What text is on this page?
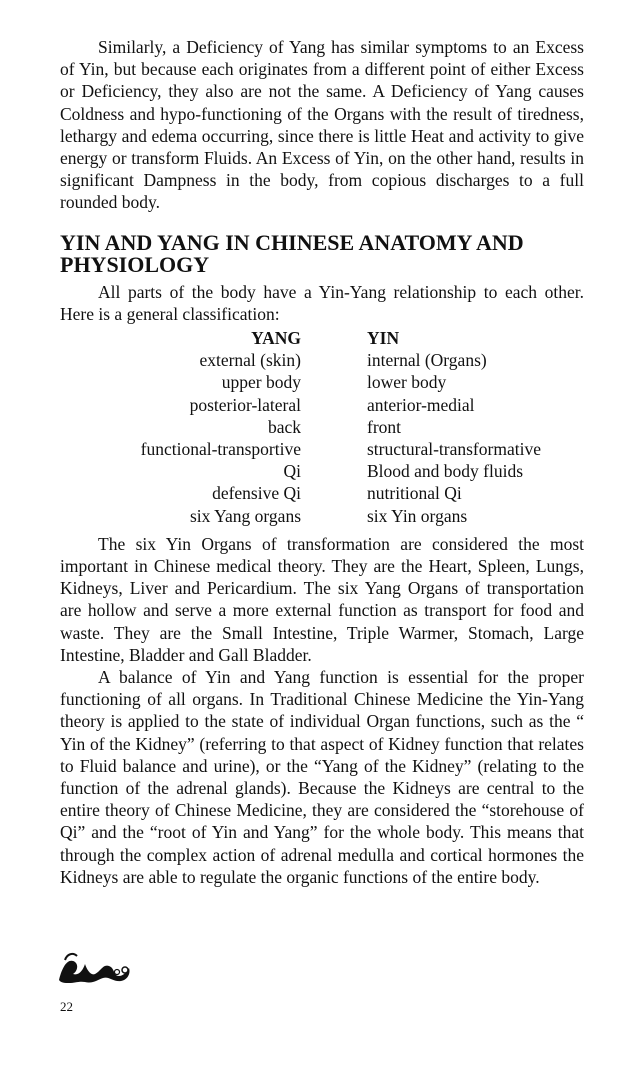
Similarly, a Deficiency of Yang has similar symptoms to an Excess of Yin, but because each originates from a different point of either Excess or Deficiency, they also are not the same. A Deficiency of Yang causes Coldness and hypo-functioning of the Organs with the result of tiredness, lethargy and edema occurring, since there is little Heat and activity to give energy or transform Fluids. An Excess of Yin, on the other hand, results in significant Dampness in the body, from copious discharges to a full rounded body.

YIN AND YANG IN CHINESE ANATOMY AND PHYSIOLOGY

All parts of the body have a Yin-Yang relationship to each other. Here is a general classification:

YANG	YIN
external (skin)	internal (Organs)
upper body	lower body
posterior-lateral	anterior-medial
back	front
functional-transportive	structural-transformative
Qi	Blood and body fluids
defensive Qi	nutritional Qi
six Yang organs	six Yin organs

The six Yin Organs of transformation are considered the most important in Chinese medical theory. They are the Heart, Spleen, Lungs, Kidneys, Liver and Pericardium. The six Yang Organs of transportation are hollow and serve a more external function as transport for food and waste. They are the Small Intestine, Triple Warmer, Stomach, Large Intestine, Bladder and Gall Bladder.

A balance of Yin and Yang function is essential for the proper functioning of all organs. In Traditional Chinese Medicine the Yin-Yang theory is applied to the state of individual Organ functions, such as the “ Yin of the Kidney” (referring to that aspect of Kidney function that relates to Fluid balance and urine), or the “Yang of the Kidney” (relating to the function of the adrenal glands). Because the Kidneys are central to the entire theory of Chinese Medicine, they are considered the “storehouse of Qi” and the “root of Yin and Yang” for the whole body. This means that through the complex action of adrenal medulla and cortical hormones the Kidneys are able to regulate the organic functions of the entire body.

22
